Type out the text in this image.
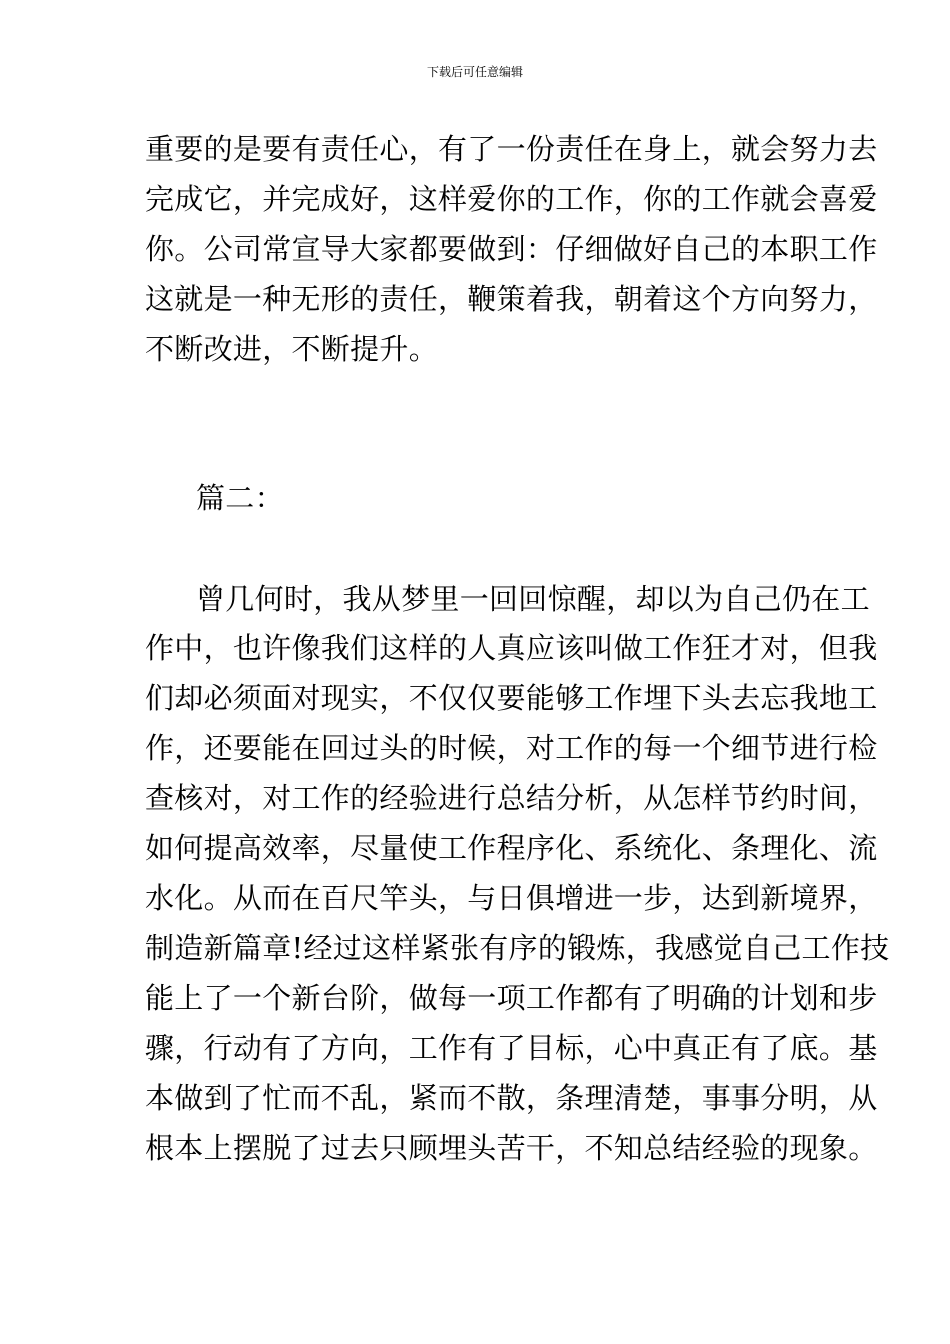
下载后可任意编辑
重要的是要有责任心，有了一份责任在身上，就会努力去
完成它，并完成好，这样爱你的工作，你的工作就会喜爱
你。公司常宣导大家都要做到：仔细做好自己的本职工作
这就是一种无形的责任，鞭策着我，朝着这个方向努力，
不断改进，不断提升。
篇二：
曾几何时，我从梦里一回回惊醒，却以为自己仍在工
作中，也许像我们这样的人真应该叫做工作狂才对，但我
们却必须面对现实，不仅仅要能够工作埋下头去忘我地工
作，还要能在回过头的时候，对工作的每一个细节进行检
查核对，对工作的经验进行总结分析，从怎样节约时间，
如何提高效率，尽量使工作程序化、系统化、条理化、流
水化。从而在百尺竿头，与日俱增进一步，达到新境界，
制造新篇章!经过这样紧张有序的锻炼，我感觉自己工作技
能上了一个新台阶，做每一项工作都有了明确的计划和步
骤，行动有了方向，工作有了目标，心中真正有了底。基
本做到了忙而不乱，紧而不散，条理清楚，事事分明，从
根本上摆脱了过去只顾埋头苦干，不知总结经验的现象。
